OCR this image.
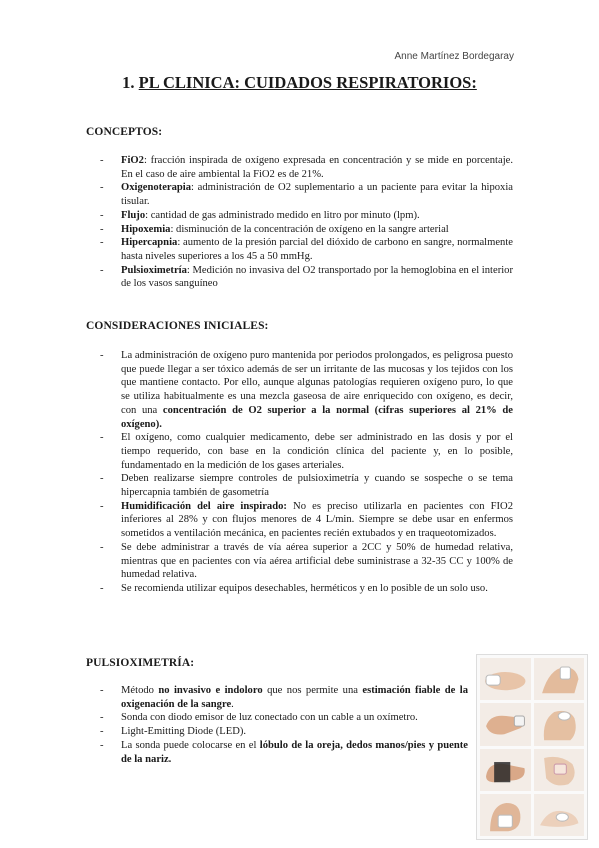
Anne Martínez Bordegaray
1. PL CLINICA: CUIDADOS RESPIRATORIOS:
CONCEPTOS:
- FiO2: fracción inspirada de oxígeno expresada en concentración y se mide en porcentaje. En el caso de aire ambiental la FiO2 es de 21%.
- Oxigenoterapia: administración de O2 suplementario a un paciente para evitar la hipoxia tisular.
- Flujo: cantidad de gas administrado medido en litro por minuto (lpm).
- Hipoxemia: disminución de la concentración de oxígeno en la sangre arterial
- Hipercapnia: aumento de la presión parcial del dióxido de carbono en sangre, normalmente hasta niveles superiores a los 45 a 50 mmHg.
- Pulsioximetría: Medición no invasiva del O2 transportado por la hemoglobina en el interior de los vasos sanguíneo
CONSIDERACIONES INICIALES:
- La administración de oxígeno puro mantenida por periodos prolongados, es peligrosa puesto que puede llegar a ser tóxico además de ser un irritante de las mucosas y los tejidos con los que mantiene contacto. Por ello, aunque algunas patologías requieren oxígeno puro, lo que se utiliza habitualmente es una mezcla gaseosa de aire enriquecido con oxígeno, es decir, con una concentración de O2 superior a la normal (cifras superiores al 21% de oxígeno).
- El oxígeno, como cualquier medicamento, debe ser administrado en las dosis y por el tiempo requerido, con base en la condición clínica del paciente y, en lo posible, fundamentado en la medición de los gases arteriales.
- Deben realizarse siempre controles de pulsioximetría y cuando se sospeche o se tema hipercapnia también de gasometría
- Humidificación del aire inspirado: No es preciso utilizarla en pacientes con FIO2 inferiores al 28% y con flujos menores de 4 L/min. Siempre se debe usar en enfermos sometidos a ventilación mecánica, en pacientes recién extubados y en traqueotomizados.
- Se debe administrar a través de vía aérea superior a 2CC y 50% de humedad relativa, mientras que en pacientes con vía aérea artificial debe suministrase a 32-35 CC y 100% de humedad relativa.
- Se recomienda utilizar equipos desechables, herméticos y en lo posible de un solo uso.
PULSIOXIMETRÍA:
- Método no invasivo e indoloro que nos permite una estimación fiable de la oxigenación de la sangre.
- Sonda con diodo emisor de luz conectado con un cable a un oxímetro.
- Light-Emitting Diode (LED).
- La sonda puede colocarse en el lóbulo de la oreja, dedos manos/pies y puente de la nariz.
